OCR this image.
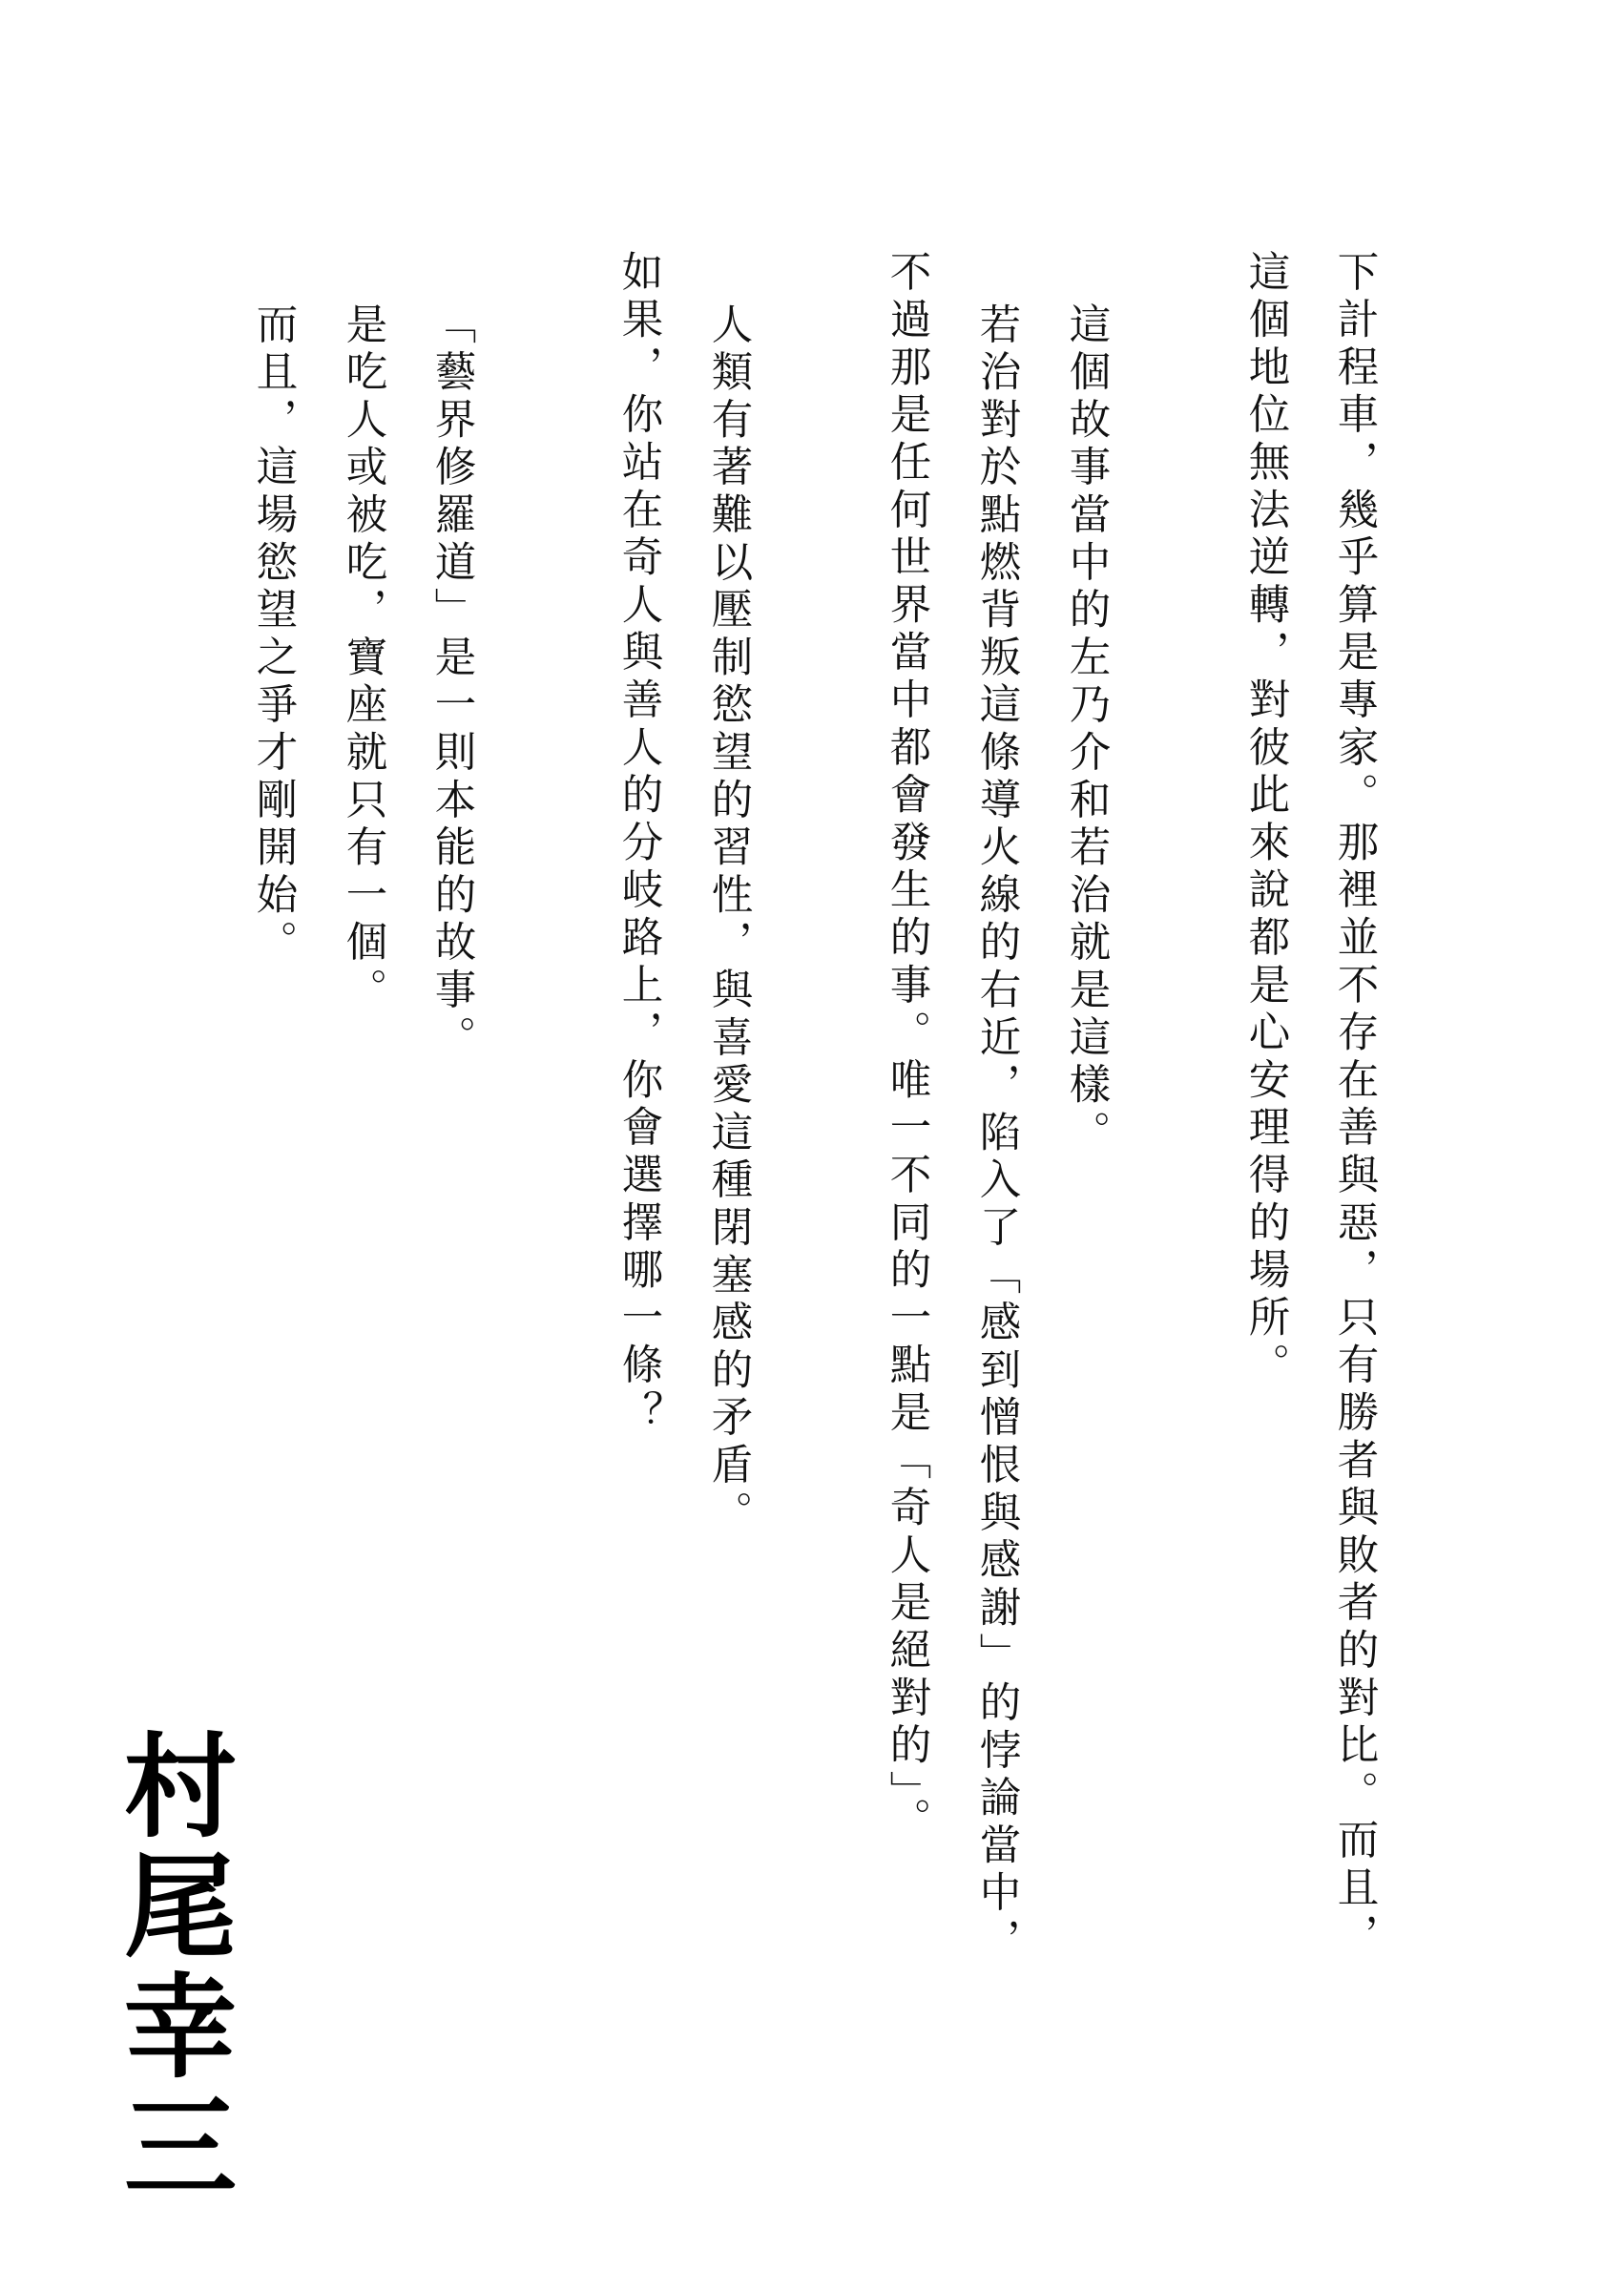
下計程車，幾乎算是專家。那裡並不存在善與惡，只有勝者與敗者的對比。而且，
這個地位無法逆轉，對彼此來說都是心安理得的場所。
這個故事當中的左乃介和若治就是這樣。
若治對於點燃背叛這條導火線的右近，陷入了「感到憎恨與感謝」的悖論當中，
不過那是任何世界當中都會發生的事。唯一不同的一點是「奇人是絕對的」。
人類有著難以壓制慾望的習性，與喜愛這種閉塞感的矛盾。
如果，你站在奇人與善人的分岐路上，你會選擇哪一條？
「藝界修羅道」是一則本能的故事。
是吃人或被吃，寶座就只有一個。
而且，這場慾望之爭才剛開始。
村尾幸三
